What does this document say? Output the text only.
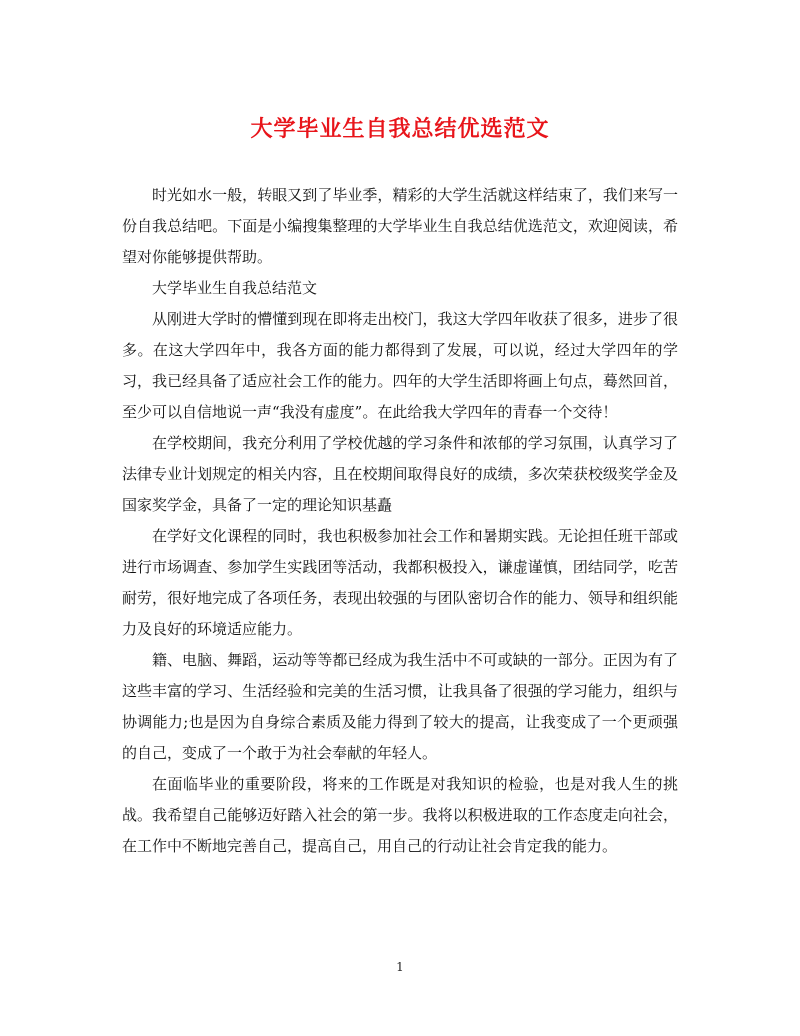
大学毕业生自我总结优选范文

时光如水一般，转眼又到了毕业季，精彩的大学生活就这样结束了，我们来写一份自我总结吧。下面是小编搜集整理的大学毕业生自我总结优选范文，欢迎阅读，希望对你能够提供帮助。

大学毕业生自我总结范文

从刚进大学时的懵懂到现在即将走出校门，我这大学四年收获了很多，进步了很多。在这大学四年中，我各方面的能力都得到了发展，可以说，经过大学四年的学习，我已经具备了适应社会工作的能力。四年的大学生活即将画上句点，蓦然回首，至少可以自信地说一声“我没有虚度”。在此给我大学四年的青春一个交待！

在学校期间，我充分利用了学校优越的学习条件和浓郁的学习氛围，认真学习了法律专业计划规定的相关内容，且在校期间取得良好的成绩，多次荣获校级奖学金及国家奖学金，具备了一定的理论知识基矗

在学好文化课程的同时，我也积极参加社会工作和暑期实践。无论担任班干部或进行市场调查、参加学生实践团等活动，我都积极投入，谦虚谨慎，团结同学，吃苦耐劳，很好地完成了各项任务，表现出较强的与团队密切合作的能力、领导和组织能力及良好的环境适应能力。

籍、电脑、舞蹈，运动等等都已经成为我生活中不可或缺的一部分。正因为有了这些丰富的学习、生活经验和完美的生活习惯，让我具备了很强的学习能力，组织与协调能力;也是因为自身综合素质及能力得到了较大的提高，让我变成了一个更顽强的自己，变成了一个敢于为社会奉献的年轻人。

在面临毕业的重要阶段，将来的工作既是对我知识的检验，也是对我人生的挑战。我希望自己能够迈好踏入社会的第一步。我将以积极进取的工作态度走向社会，在工作中不断地完善自己，提高自己，用自己的行动让社会肯定我的能力。

1
